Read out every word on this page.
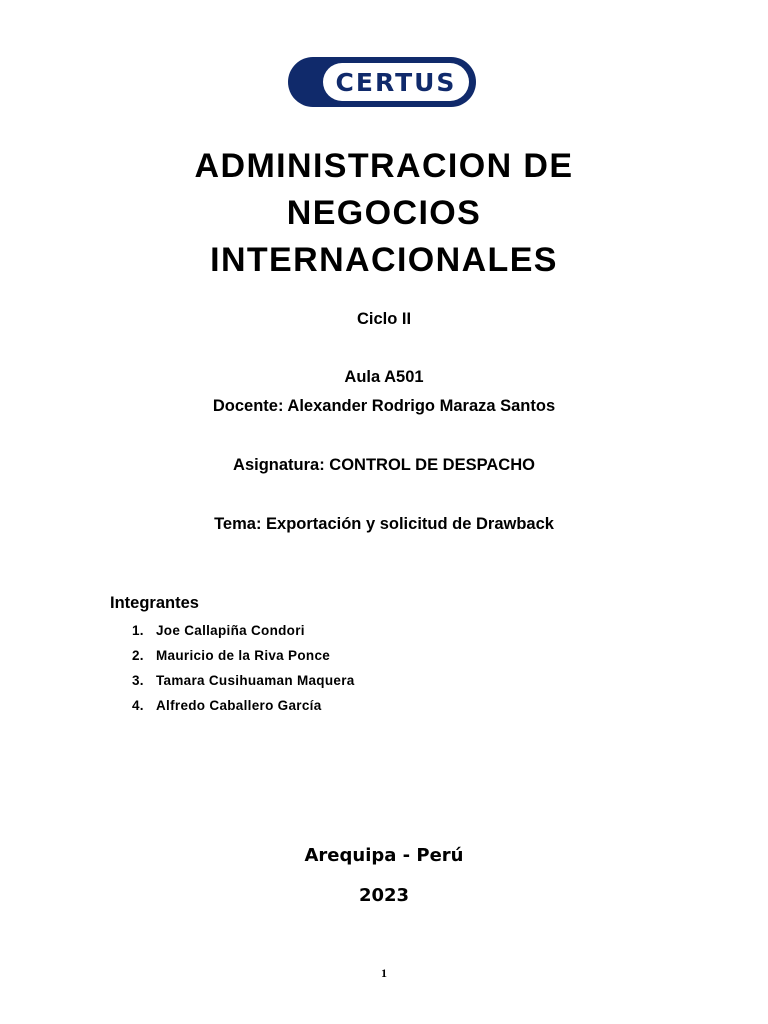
CERTUS
ADMINISTRACION DE
NEGOCIOS
INTERNACIONALES
Ciclo II
Aula A501
Docente: Alexander Rodrigo Maraza Santos
Asignatura: CONTROL DE DESPACHO
Tema: Exportación y solicitud de Drawback
Integrantes
1. Joe Callapiña Condori
2. Mauricio de la Riva Ponce
3. Tamara Cusihuaman Maquera
4. Alfredo Caballero García
Arequipa - Perú
2023
1
